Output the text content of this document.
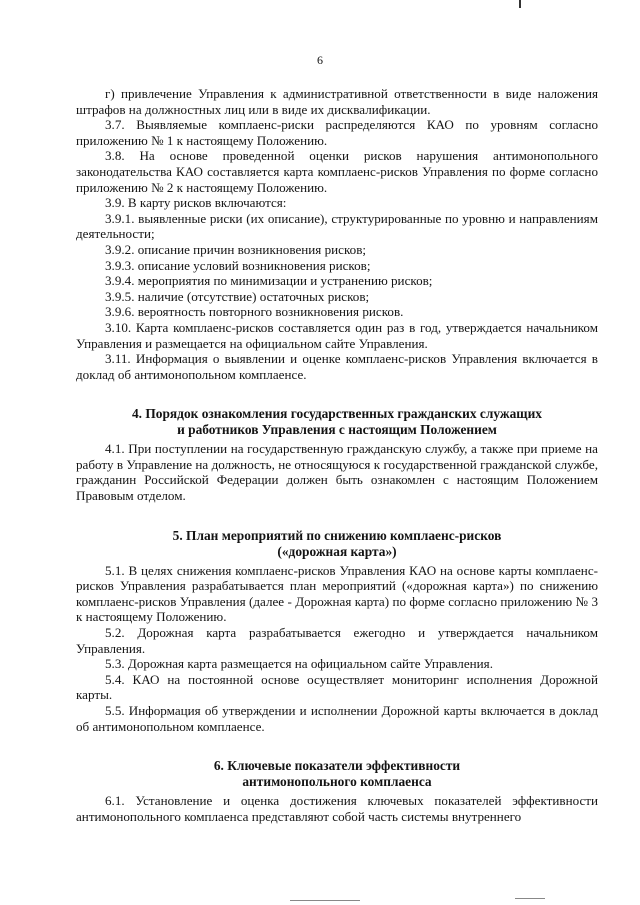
6

г) привлечение Управления к административной ответственности в виде наложения штрафов на должностных лиц или в виде их дисквалификации.

3.7. Выявляемые комплаенс-риски распределяются КАО по уровням согласно приложению № 1 к настоящему Положению.

3.8. На основе проведенной оценки рисков нарушения антимонопольного законодательства КАО составляется карта комплаенс-рисков Управления по форме согласно приложению № 2 к настоящему Положению.

3.9. В карту рисков включаются:

3.9.1. выявленные риски (их описание), структурированные по уровню и направлениям деятельности;

3.9.2. описание причин возникновения рисков;

3.9.3. описание условий возникновения рисков;

3.9.4. мероприятия по минимизации и устранению рисков;

3.9.5. наличие (отсутствие) остаточных рисков;

3.9.6. вероятность повторного возникновения рисков.

3.10. Карта комплаенс-рисков составляется один раз в год, утверждается начальником Управления и размещается на официальном сайте Управления.

3.11. Информация о выявлении и оценке комплаенс-рисков Управления включается в доклад об антимонопольном комплаенсе.

4. Порядок ознакомления государственных гражданских служащих
и работников Управления с настоящим Положением

4.1. При поступлении на государственную гражданскую службу, а также при приеме на работу в Управление на должность, не относящуюся к государственной гражданской службе, гражданин Российской Федерации должен быть ознакомлен с настоящим Положением Правовым отделом.

5. План мероприятий по снижению комплаенс-рисков
(«дорожная карта»)

5.1. В целях снижения комплаенс-рисков Управления КАО на основе карты комплаенс-рисков Управления разрабатывается план мероприятий («дорожная карта») по снижению комплаенс-рисков Управления (далее - Дорожная карта) по форме согласно приложению № 3 к настоящему Положению.

5.2. Дорожная карта разрабатывается ежегодно и утверждается начальником Управления.

5.3. Дорожная карта размещается на официальном сайте Управления.

5.4. КАО на постоянной основе осуществляет мониторинг исполнения Дорожной карты.

5.5. Информация об утверждении и исполнении Дорожной карты включается в доклад об антимонопольном комплаенсе.

6. Ключевые показатели эффективности
антимонопольного комплаенса

6.1. Установление и оценка достижения ключевых показателей эффективности антимонопольного комплаенса представляют собой часть системы внутреннего
